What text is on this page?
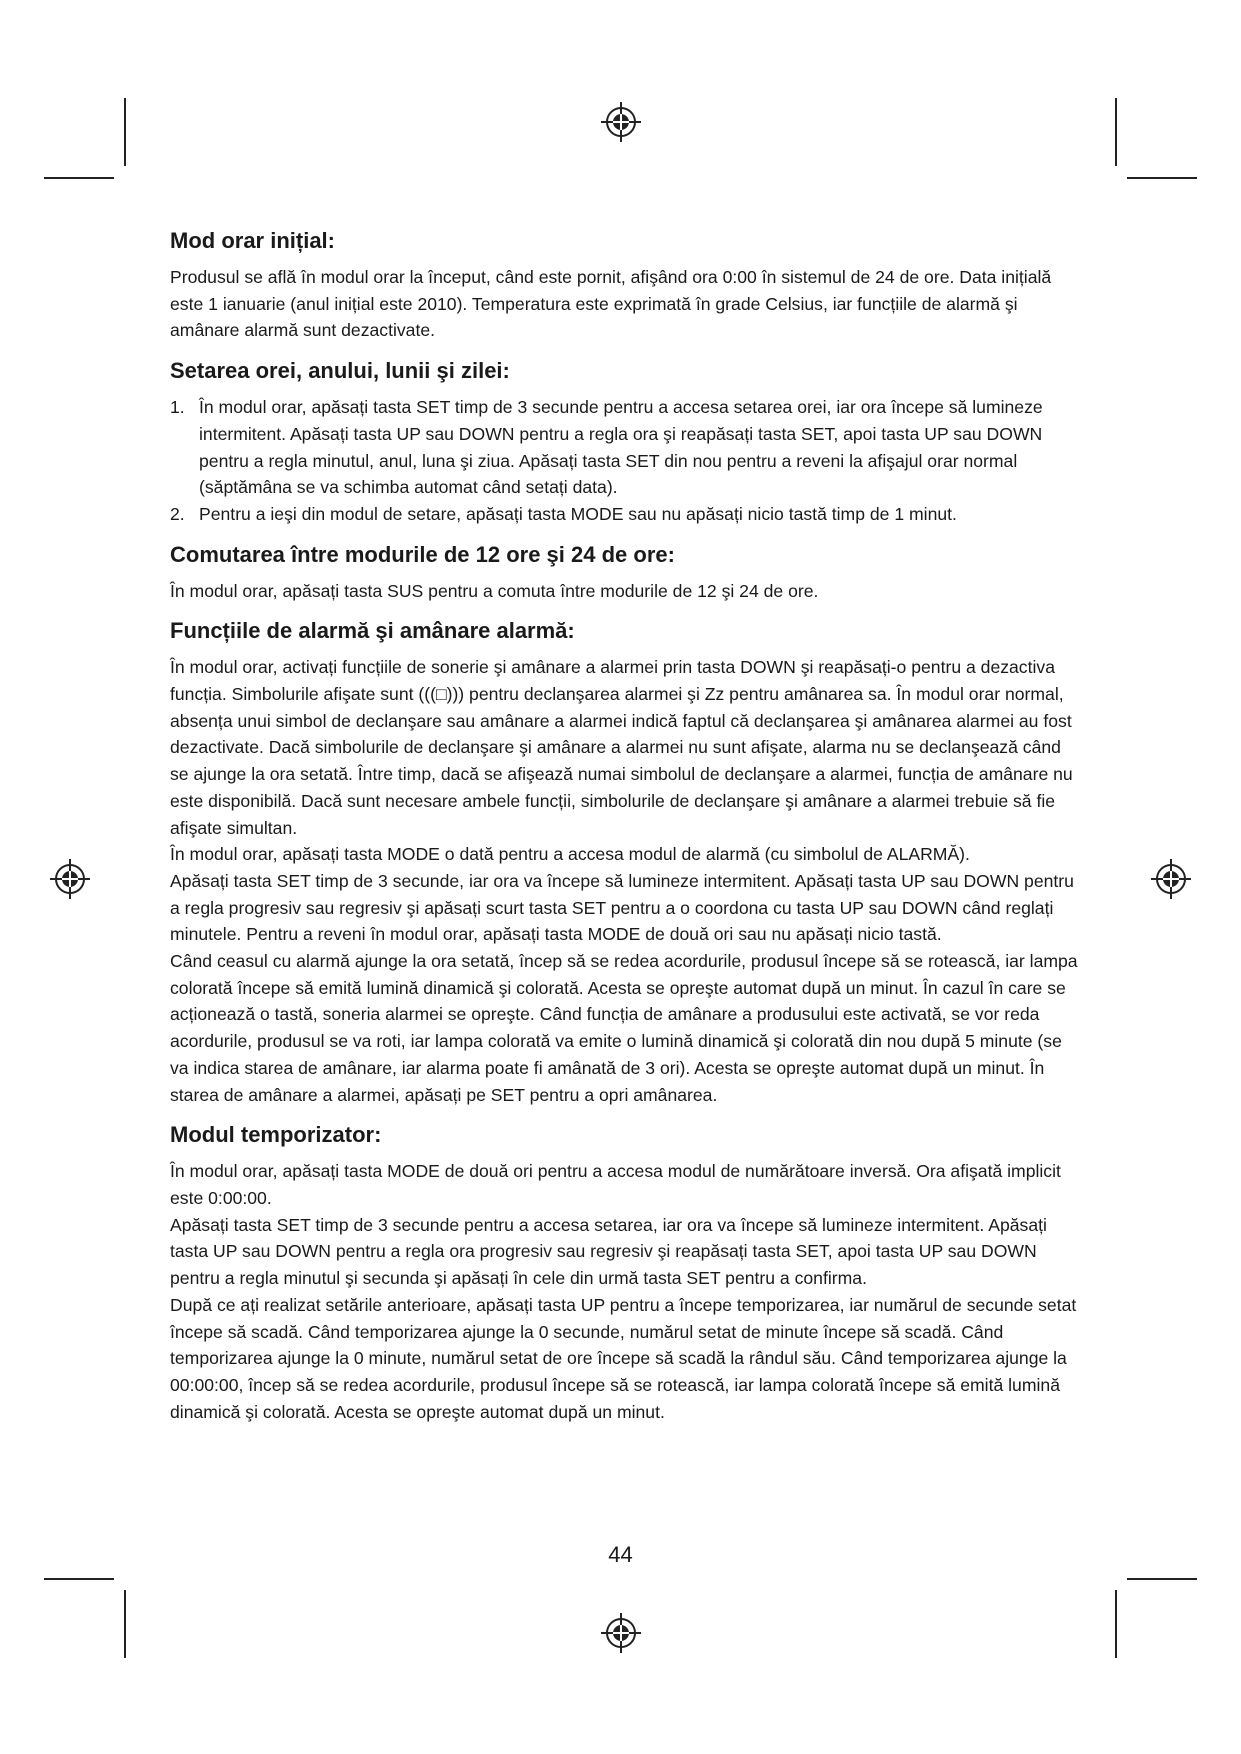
Mod orar inițial:

Produsul se află în modul orar la început, când este pornit, afişând ora 0:00 în sistemul de 24 de ore. Data inițială este 1 ianuarie (anul inițial este 2010). Temperatura este exprimată în grade Celsius, iar funcțiile de alarmă şi amânare alarmă sunt dezactivate.

Setarea orei, anului, lunii şi zilei:
1. În modul orar, apăsați tasta SET timp de 3 secunde pentru a accesa setarea orei, iar ora începe să lumineze intermitent. Apăsați tasta UP sau DOWN pentru a regla ora şi reapăsați tasta SET, apoi tasta UP sau DOWN pentru a regla minutul, anul, luna şi ziua. Apăsați tasta SET din nou pentru a reveni la afişajul orar normal (săptămâna se va schimba automat când setați data).
2. Pentru a ieşi din modul de setare, apăsați tasta MODE sau nu apăsați nicio tastă timp de 1 minut.
Comutarea între modurile de 12 ore şi 24 de ore:

În modul orar, apăsați tasta SUS pentru a comuta între modurile de 12 şi 24 de ore.

Funcțiile de alarmă şi amânare alarmă:

În modul orar, activați funcțiile de sonerie şi amânare a alarmei prin tasta DOWN şi reapăsați-o pentru a dezactiva funcția. Simbolurile afişate sunt (((□))) pentru declanşarea alarmei şi Zz pentru amânarea sa. În modul orar normal, absența unui simbol de declanşare sau amânare a alarmei indică faptul că declanşarea şi amânarea alarmei au fost dezactivate. Dacă simbolurile de declanşare şi amânare a alarmei nu sunt afişate, alarma nu se declanşează când se ajunge la ora setată. Între timp, dacă se afişează numai simbolul de declanşare a alarmei, funcția de amânare nu este disponibilă. Dacă sunt necesare ambele funcții, simbolurile de declanşare şi amânare a alarmei trebuie să fie afişate simultan.

În modul orar, apăsați tasta MODE o dată pentru a accesa modul de alarmă (cu simbolul de ALARMĂ).

Apăsați tasta SET timp de 3 secunde, iar ora va începe să lumineze intermitent. Apăsați tasta UP sau DOWN pentru a regla progresiv sau regresiv şi apăsați scurt tasta SET pentru a o coordona cu tasta UP sau DOWN când reglați minutele. Pentru a reveni în modul orar, apăsați tasta MODE de două ori sau nu apăsați nicio tastă.

Când ceasul cu alarmă ajunge la ora setată, încep să se redea acordurile, produsul începe să se rotească, iar lampa colorată începe să emită lumină dinamică şi colorată. Acesta se opreşte automat după un minut. În cazul în care se acționează o tastă, soneria alarmei se opreşte. Când funcția de amânare a produsului este activată, se vor reda acordurile, produsul se va roti, iar lampa colorată va emite o lumină dinamică şi colorată din nou după 5 minute (se va indica starea de amânare, iar alarma poate fi amânată de 3 ori). Acesta se opreşte automat după un minut. În starea de amânare a alarmei, apăsați pe SET pentru a opri amânarea.

Modul temporizator:

În modul orar, apăsați tasta MODE de două ori pentru a accesa modul de numărătoare inversă. Ora afişată implicit este 0:00:00.

Apăsați tasta SET timp de 3 secunde pentru a accesa setarea, iar ora va începe să lumineze intermitent. Apăsați tasta UP sau DOWN pentru a regla ora progresiv sau regresiv şi reapăsați tasta SET, apoi tasta UP sau DOWN pentru a regla minutul şi secunda şi apăsați în cele din urmă tasta SET pentru a confirma.

După ce ați realizat setările anterioare, apăsați tasta UP pentru a începe temporizarea, iar numărul de secunde setat începe să scadă. Când temporizarea ajunge la 0 secunde, numărul setat de minute începe să scadă. Când temporizarea ajunge la 0 minute, numărul setat de ore începe să scadă la rândul său. Când temporizarea ajunge la 00:00:00, încep să se redea acordurile, produsul începe să se rotească, iar lampa colorată începe să emită lumină dinamică şi colorată. Acesta se opreşte automat după un minut.

44
